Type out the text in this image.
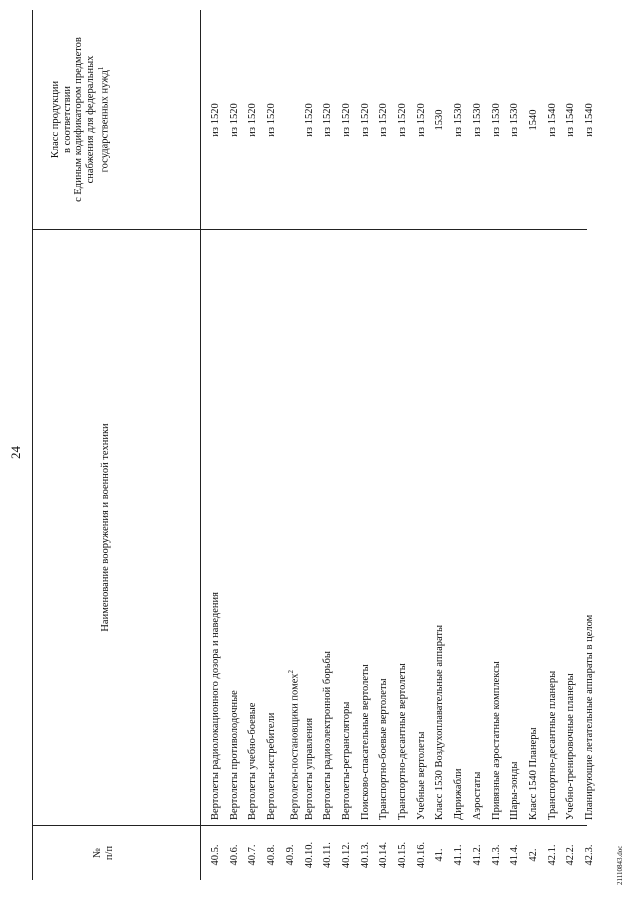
24
№ п/п
Наименование вооружения и военной техники
Класс продукции в соответствии с Единым кодификатором предметов снабжения для федеральных государственных нужд$^1$
40.5.
Вертолеты радиолокационного дозора и наведения
из 1520
40.6.
Вертолеты противолодочные
из 1520
40.7.
Вертолеты учебно-боевые
из 1520
40.8.
Вертолеты-истребители
из 1520
40.9.
Вертолеты-постановщики помех$^2$
40.10.
Вертолеты управления
из 1520
40.11.
Вертолеты радиоэлектронной борьбы
из 1520
40.12.
Вертолеты-ретрансляторы
из 1520
40.13.
Поисково-спасательные вертолеты
из 1520
40.14.
Транспортно-боевые вертолеты
из 1520
40.15.
Транспортно-десантные вертолеты
из 1520
40.16.
Учебные вертолеты
из 1520
41.
Класс 1530 Воздухоплавательные аппараты
1530
41.1.
Дирижабли
из 1530
41.2.
Аэростаты
из 1530
41.3.
Привязные аэростатные комплексы
из 1530
41.4.
Шары-зонды
из 1530
42.
Класс 1540 Планеры
1540
42.1.
Транспортно-десантные планеры
из 1540
42.2.
Учебно-тренировочные планеры
из 1540
42.3.
Планирующие летательные аппараты в целом
из 1540
21110843.doc
